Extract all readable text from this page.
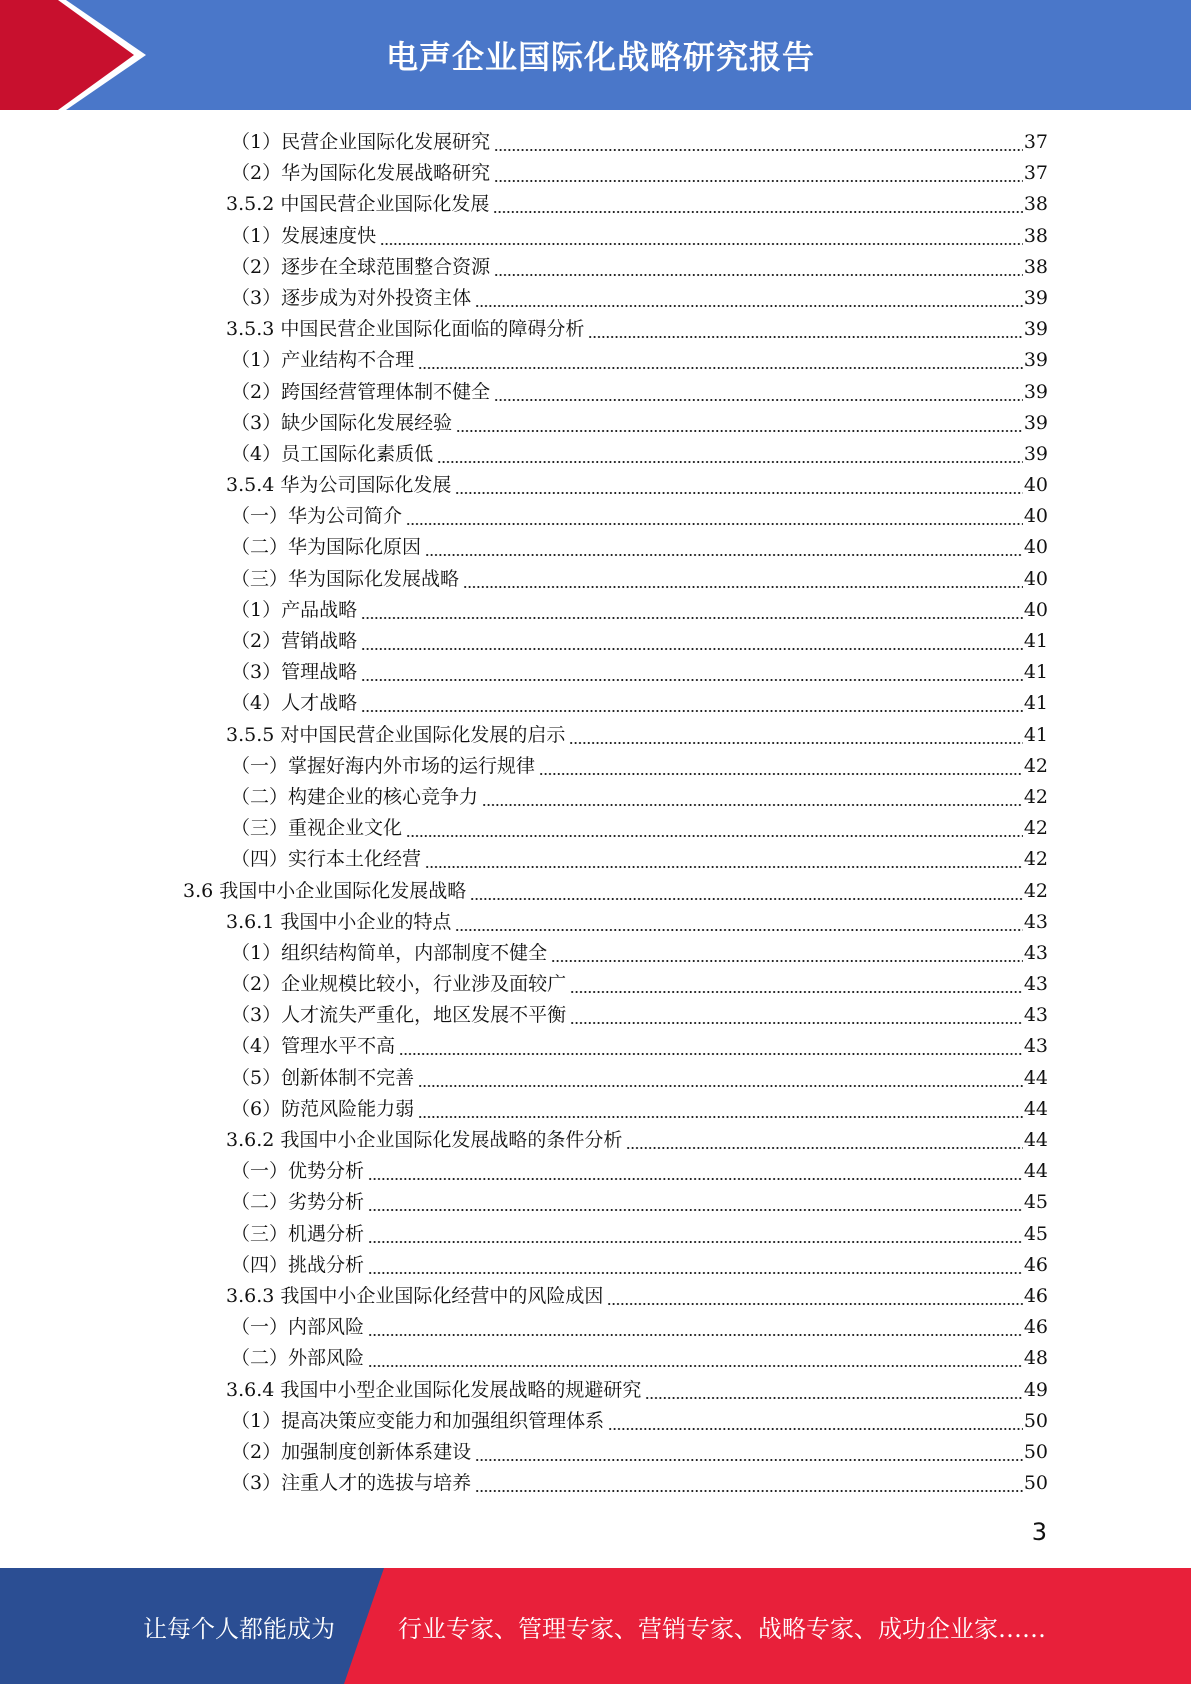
电声企业国际化战略研究报告
（1）民营企业国际化发展研究	37
（2）华为国际化发展战略研究	37
3.5.2 中国民营企业国际化发展	38
（1）发展速度快	38
（2）逐步在全球范围整合资源	38
（3）逐步成为对外投资主体	39
3.5.3 中国民营企业国际化面临的障碍分析	39
（1）产业结构不合理	39
（2）跨国经营管理体制不健全	39
（3）缺少国际化发展经验	39
（4）员工国际化素质低	39
3.5.4 华为公司国际化发展	40
（一）华为公司简介	40
（二）华为国际化原因	40
（三）华为国际化发展战略	40
（1）产品战略	40
（2）营销战略	41
（3）管理战略	41
（4）人才战略	41
3.5.5 对中国民营企业国际化发展的启示	41
（一）掌握好海内外市场的运行规律	42
（二）构建企业的核心竞争力	42
（三）重视企业文化	42
（四）实行本土化经营	42
3.6 我国中小企业国际化发展战略	42
3.6.1 我国中小企业的特点	43
（1）组织结构简单，内部制度不健全	43
（2）企业规模比较小，行业涉及面较广	43
（3）人才流失严重化，地区发展不平衡	43
（4）管理水平不高	43
（5）创新体制不完善	44
（6）防范风险能力弱	44
3.6.2 我国中小企业国际化发展战略的条件分析	44
（一）优势分析	44
（二）劣势分析	45
（三）机遇分析	45
（四）挑战分析	46
3.6.3 我国中小企业国际化经营中的风险成因	46
（一）内部风险	46
（二）外部风险	48
3.6.4 我国中小型企业国际化发展战略的规避研究	49
（1）提高决策应变能力和加强组织管理体系	50
（2）加强制度创新体系建设	50
（3）注重人才的选拔与培养	50
3
让每个人都能成为	行业专家、管理专家、营销专家、战略专家、成功企业家……
